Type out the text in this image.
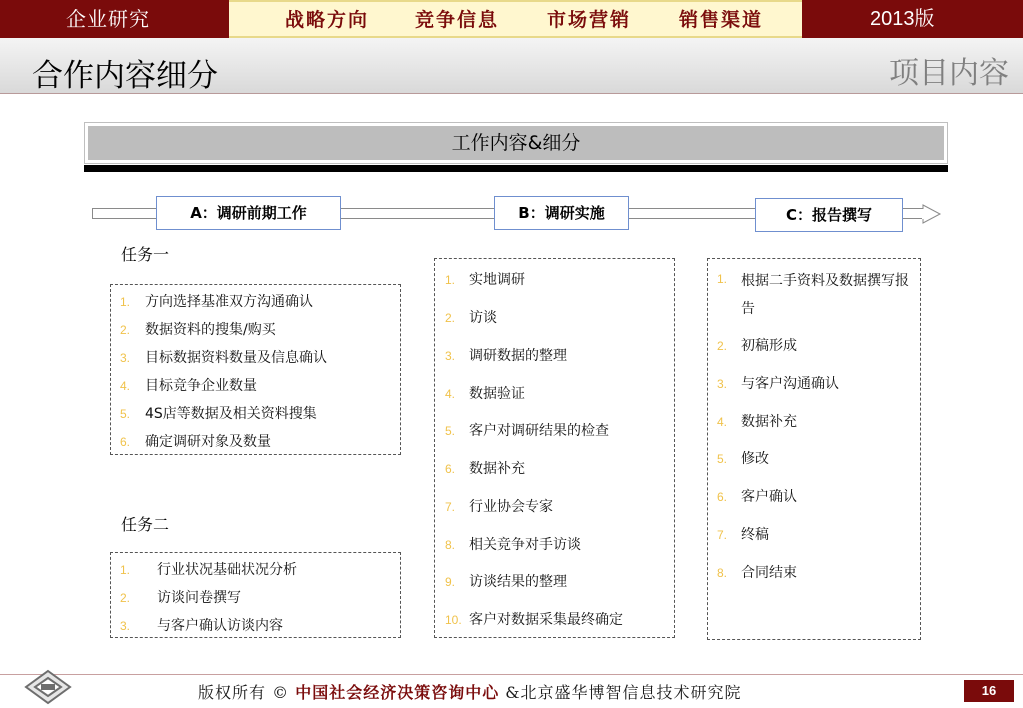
企业研究	战略方向 竞争信息	市场营销	销售渠道	2013版
合作内容细分	项目内容
工作内容&细分
A：调研前期工作	B：调研实施	C：报告撰写
任务一
1. 方向选择基准双方沟通确认
2. 数据资料的搜集/购买
3. 目标数据资料数量及信息确认
4. 目标竞争企业数量
5. 4S店等数据及相关资料搜集
6. 确定调研对象及数量
任务二
1. 行业状况基础状况分析
2. 访谈问卷撰写
3. 与客户确认访谈内容
1. 实地调研
2. 访谈
3. 调研数据的整理
4. 数据验证
5. 客户对调研结果的检查
6. 数据补充
7. 行业协会专家
8. 相关竞争对手访谈
9. 访谈结果的整理
10. 客户对数据采集最终确定
1. 根据二手资料及数据撰写报告
2. 初稿形成
3. 与客户沟通确认
4. 数据补充
5. 修改
6. 客户确认
7. 终稿
8. 合同结束
版权所有 © 中国社会经济决策咨询中心 &北京盛华博智信息技术研究院	16
